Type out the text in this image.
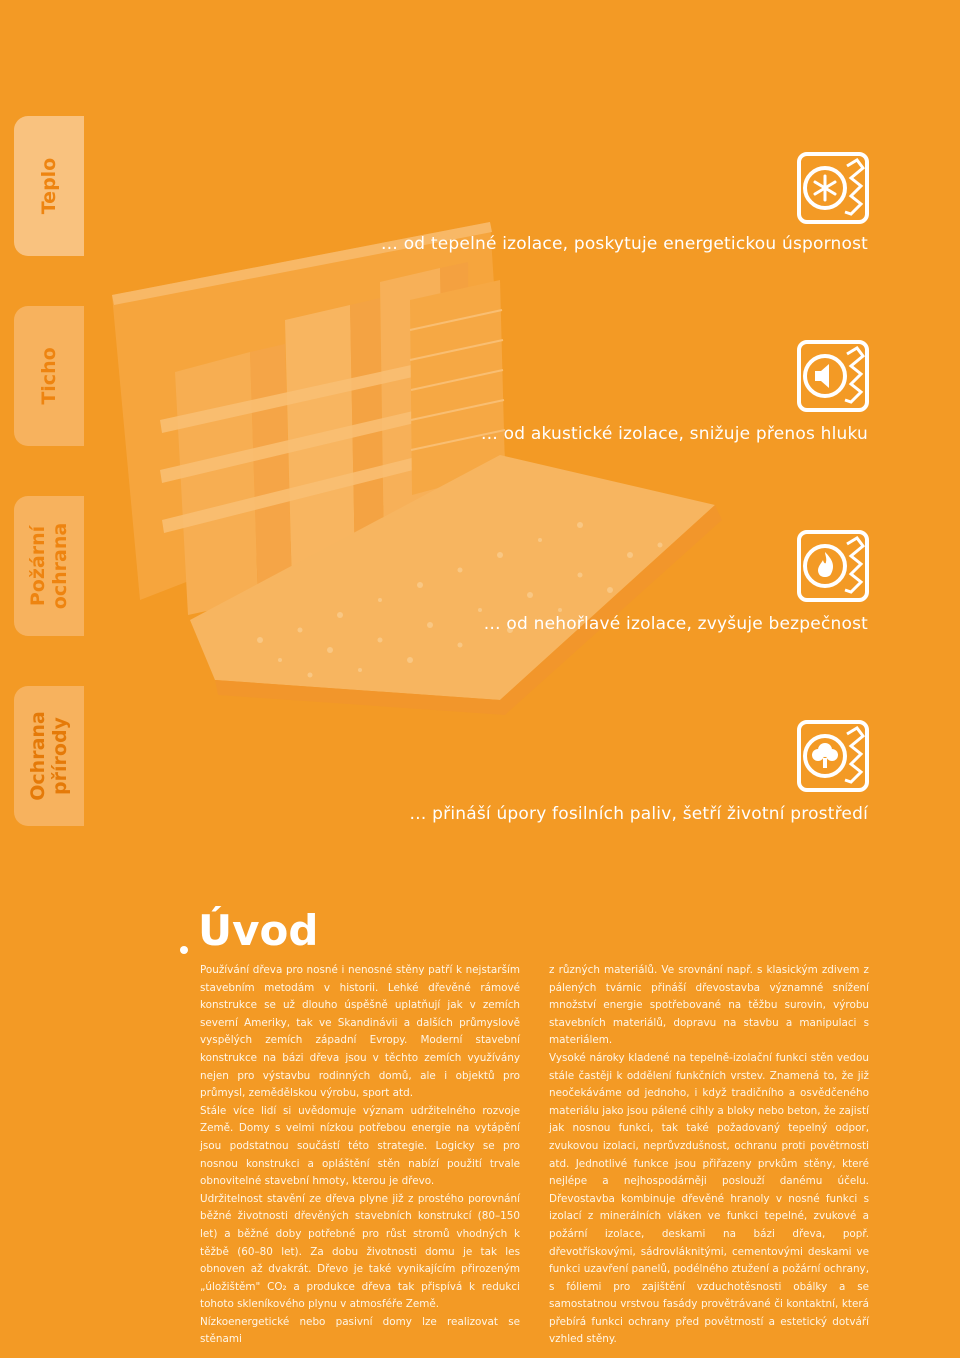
Teplo
Ticho
Požární ochrana
Ochrana přírody
… od tepelné izolace, poskytuje energetickou úspornost
… od akustické izolace, snižuje přenos hluku
… od nehořlavé izolace, zvyšuje bezpečnost
… přináší úpory fosilních paliv, šetří životní prostředí
Úvod

Používání dřeva pro nosné i nenosné stěny patří k nejstarším stavebním metodám v historii. Lehké dřevěné rámové konstrukce se už dlouho úspěšně uplatňují jak v zemích severní Ameriky, tak ve Skandinávii a dalších průmyslově vyspělých zemích západní Evropy. Moderní stavební konstrukce na bázi dřeva jsou v těchto zemích využívány nejen pro výstavbu rodinných domů, ale i objektů pro průmysl, zemědělskou výrobu, sport atd.

Stále více lidí si uvědomuje význam udržitelného rozvoje Země. Domy s velmi nízkou potřebou energie na vytápění jsou podstatnou součástí této strategie. Logicky se pro nosnou konstrukci a opláštění stěn nabízí použití trvale obnovitelné stavební hmoty, kterou je dřevo.

Udržitelnost stavění ze dřeva plyne již z prostého porovnání běžné životnosti dřevěných stavebních konstrukcí (80–150 let) a běžné doby potřebné pro růst stromů vhodných k těžbě (60–80 let). Za dobu životnosti domu je tak les obnoven až dvakrát. Dřevo je také vynikajícím přirozeným „úložištěm" CO₂ a produkce dřeva tak přispívá k redukci tohoto skleníkového plynu v atmosféře Země.

Nízkoenergetické nebo pasivní domy lze realizovat se stěnami

z různých materiálů. Ve srovnání např. s klasickým zdivem z pálených tvárnic přináší dřevostavba významné snížení množství energie spotřebované na těžbu surovin, výrobu stavebních materiálů, dopravu na stavbu a manipulaci s materiálem.

Vysoké nároky kladené na tepelně-izolační funkci stěn vedou stále častěji k oddělení funkčních vrstev. Znamená to, že již neočekáváme od jednoho, i když tradičního a osvědčeného materiálu jako jsou pálené cihly a bloky nebo beton, že zajistí jak nosnou funkci, tak také požadovaný tepelný odpor, zvukovou izolaci, neprůvzdušnost, ochranu proti povětrnosti atd. Jednotlivé funkce jsou přiřazeny prvkům stěny, které nejlépe a nejhospodárněji poslouží danému účelu. Dřevostavba kombinuje dřevěné hranoly v nosné funkci s izolací z minerálních vláken ve funkci tepelné, zvukové a požární izolace, deskami na bázi dřeva, popř. dřevotřískovými, sádrovláknitými, cementovými deskami ve funkci uzavření panelů, podélného ztužení a požární ochrany, s fóliemi pro zajištění vzduchotěsnosti obálky a se samostatnou vrstvou fasády provětrávané či kontaktní, která přebírá funkci ochrany před povětrností a estetický dotváří vzhled stěny.
